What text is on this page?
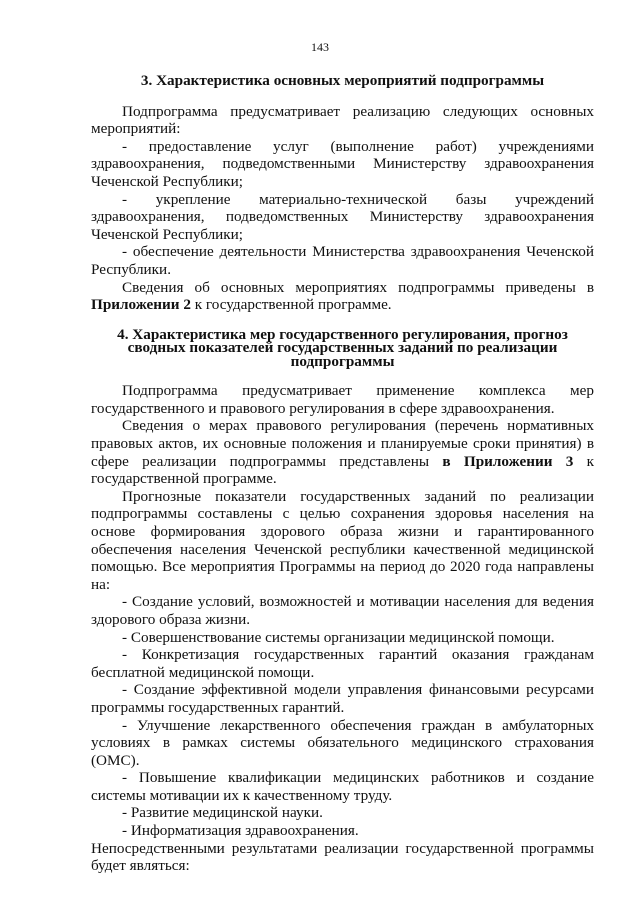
143
3. Характеристика основных мероприятий подпрограммы

Подпрограмма предусматривает реализацию следующих основных мероприятий:

- предоставление услуг (выполнение работ) учреждениями здравоохранения, подведомственными Министерству здравоохранения Чеченской Республики;

- укрепление материально-технической базы учреждений здравоохранения, подведомственных Министерству здравоохранения Чеченской Республики;

- обеспечение деятельности Министерства здравоохранения Чеченской Республики.

Сведения об основных мероприятиях подпрограммы приведены в Приложении 2 к государственной программе.

4. Характеристика мер государственного регулирования, прогноз сводных показателей государственных заданий по реализации подпрограммы

Подпрограмма предусматривает применение комплекса мер государственного и правового регулирования в сфере здравоохранения.

Сведения о мерах правового регулирования (перечень нормативных правовых актов, их основные положения и планируемые сроки принятия) в сфере реализации подпрограммы представлены в Приложении 3 к государственной программе.

Прогнозные показатели государственных заданий по реализации подпрограммы составлены с целью сохранения здоровья населения на основе формирования здорового образа жизни и гарантированного обеспечения населения Чеченской республики качественной медицинской помощью. Все мероприятия Программы на период до 2020 года направлены на:

- Создание условий, возможностей и мотивации населения для ведения здорового образа жизни.

- Совершенствование системы организации медицинской помощи.

- Конкретизация государственных гарантий оказания гражданам бесплатной медицинской помощи.

- Создание эффективной модели управления финансовыми ресурсами программы государственных гарантий.

- Улучшение лекарственного обеспечения граждан в амбулаторных условиях в рамках системы обязательного медицинского страхования (ОМС).

- Повышение квалификации медицинских работников и создание системы мотивации их к качественному труду.

- Развитие медицинской науки.

- Информатизация здравоохранения.

Непосредственными результатами реализации государственной программы будет являться:
